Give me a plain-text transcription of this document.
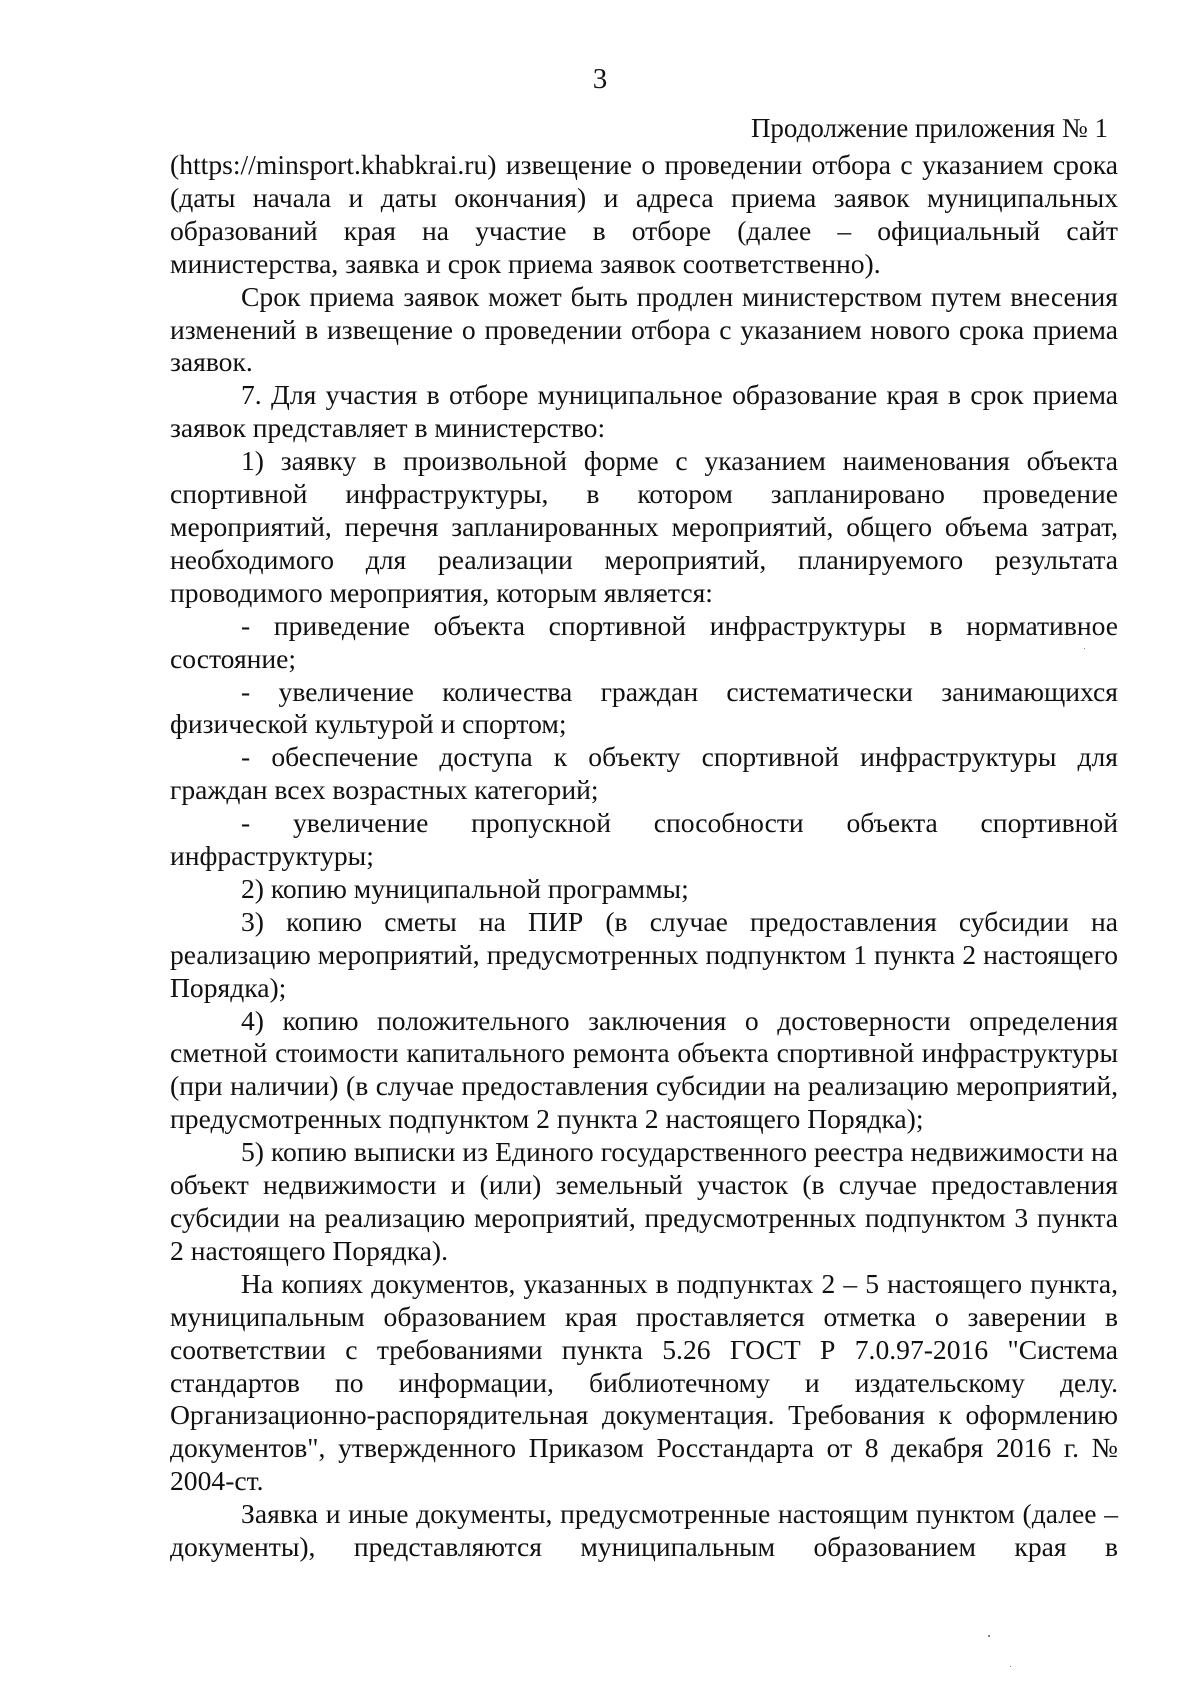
3
Продолжение приложения № 1

(https://minsport.khabkrai.ru) извещение о проведении отбора с указанием срока (даты начала и даты окончания) и адреса приема заявок муниципальных образований края на участие в отборе (далее – официальный сайт министерства, заявка и срок приема заявок соответственно).

Срок приема заявок может быть продлен министерством путем внесения изменений в извещение о проведении отбора с указанием нового срока приема заявок.

7. Для участия в отборе муниципальное образование края в срок приема заявок представляет в министерство:

1) заявку в произвольной форме с указанием наименования объекта спортивной инфраструктуры, в котором запланировано проведение мероприятий, перечня запланированных мероприятий, общего объема затрат, необходимого для реализации мероприятий, планируемого результата проводимого мероприятия, которым является:

- приведение объекта спортивной инфраструктуры в нормативное состояние;

- увеличение количества граждан систематически занимающихся физической культурой и спортом;

- обеспечение доступа к объекту спортивной инфраструктуры для граждан всех возрастных категорий;

- увеличение пропускной способности объекта спортивной инфраструктуры;

2) копию муниципальной программы;

3) копию сметы на ПИР (в случае предоставления субсидии на реализацию мероприятий, предусмотренных подпунктом 1 пункта 2 настоящего Порядка);

4) копию положительного заключения о достоверности определения сметной стоимости капитального ремонта объекта спортивной инфраструктуры (при наличии) (в случае предоставления субсидии на реализацию мероприятий, предусмотренных подпунктом 2 пункта 2 настоящего Порядка);

5) копию выписки из Единого государственного реестра недвижимости на объект недвижимости и (или) земельный участок (в случае предоставления субсидии на реализацию мероприятий, предусмотренных подпунктом 3 пункта 2 настоящего Порядка).

На копиях документов, указанных в подпунктах 2 – 5 настоящего пункта, муниципальным образованием края проставляется отметка о заверении в соответствии с требованиями пункта 5.26 ГОСТ Р 7.0.97-2016 "Система стандартов по информации, библиотечному и издательскому делу. Организационно-распорядительная документация. Требования к оформлению документов", утвержденного Приказом Росстандарта от 8 декабря 2016 г. № 2004-ст.

Заявка и иные документы, предусмотренные настоящим пунктом (далее – документы), представляются муниципальным образованием края в
